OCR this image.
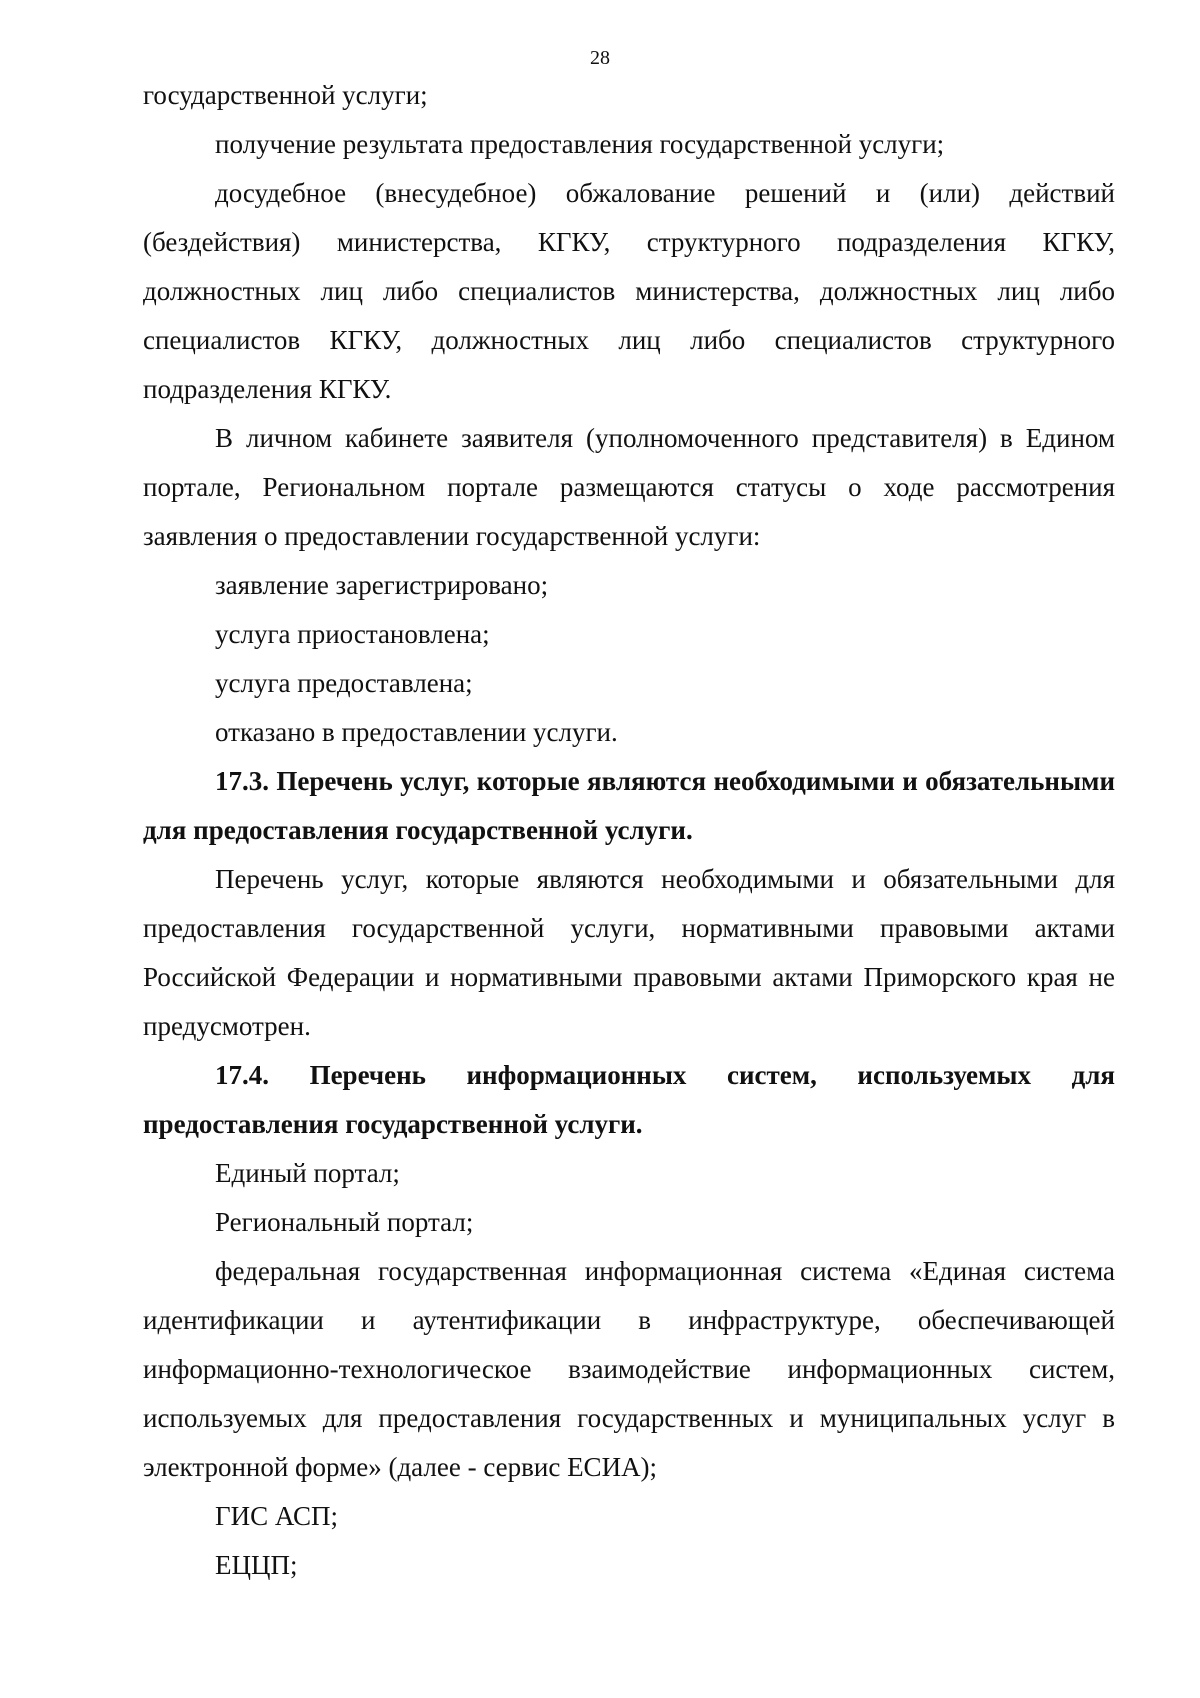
28

государственной услуги;

получение результата предоставления государственной услуги;

досудебное (внесудебное) обжалование решений и (или) действий (бездействия) министерства, КГКУ, структурного подразделения КГКУ, должностных лиц либо специалистов министерства, должностных лиц либо специалистов КГКУ, должностных лиц либо специалистов структурного подразделения КГКУ.

В личном кабинете заявителя (уполномоченного представителя) в Едином портале, Региональном портале размещаются статусы о ходе рассмотрения заявления о предоставлении государственной услуги:

заявление зарегистрировано;

услуга приостановлена;

услуга предоставлена;

отказано в предоставлении услуги.

17.3. Перечень услуг, которые являются необходимыми и обязательными для предоставления государственной услуги.

Перечень услуг, которые являются необходимыми и обязательными для предоставления государственной услуги, нормативными правовыми актами Российской Федерации и нормативными правовыми актами Приморского края не предусмотрен.

17.4. Перечень информационных систем, используемых для предоставления государственной услуги.

Единый портал;

Региональный портал;

федеральная государственная информационная система «Единая система идентификации и аутентификации в инфраструктуре, обеспечивающей информационно-технологическое взаимодействие информационных систем, используемых для предоставления государственных и муниципальных услуг в электронной форме» (далее - сервис ЕСИА);

ГИС АСП;

ЕЦЦП;
